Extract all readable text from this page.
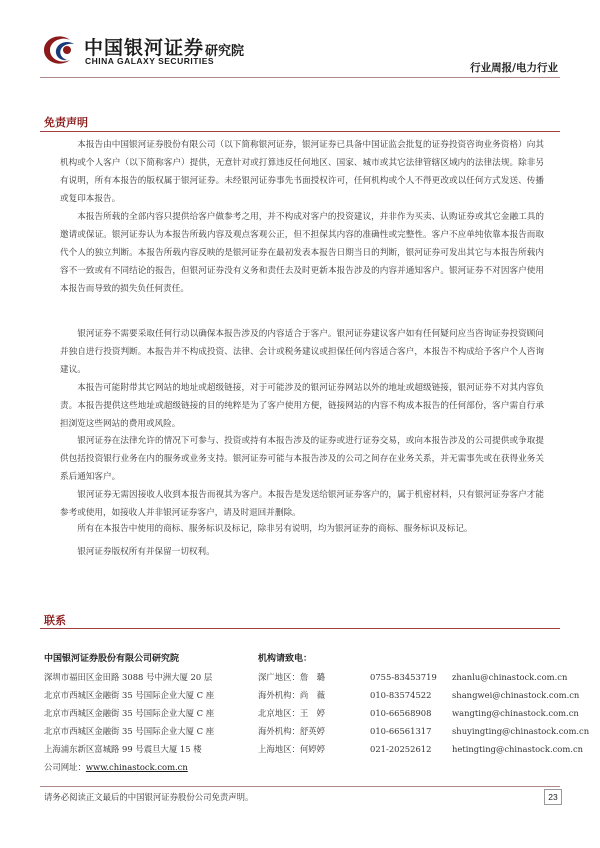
中国银河证券
CHINA GALAXY SECURITIES
研究院
行业周报/电力行业
免责声明

本报告由中国银河证券股份有限公司（以下简称银河证券，银河证券已具备中国证监会批复的证券投资咨询业务资格）向其机构或个人客户（以下简称客户）提供，无意针对或打算违反任何地区、国家、城市或其它法律管辖区域内的法律法规。除非另有说明，所有本报告的版权属于银河证券。未经银河证券事先书面授权许可，任何机构或个人不得更改或以任何方式发送、传播或复印本报告。

本报告所载的全部内容只提供给客户做参考之用，并不构成对客户的投资建议，并非作为买卖、认购证券或其它金融工具的邀请或保证。银河证券认为本报告所载内容及观点客观公正，但不担保其内容的准确性或完整性。客户不应单纯依靠本报告而取代个人的独立判断。本报告所载内容反映的是银河证券在最初发表本报告日期当日的判断，银河证券可发出其它与本报告所载内容不一致或有不同结论的报告，但银河证券没有义务和责任去及时更新本报告涉及的内容并通知客户。银河证券不对因客户使用本报告而导致的损失负任何责任。

银河证券不需要采取任何行动以确保本报告涉及的内容适合于客户。银河证券建议客户如有任何疑问应当咨询证券投资顾问并独自进行投资判断。本报告并不构成投资、法律、会计或税务建议或担保任何内容适合客户，本报告不构成给予客户个人咨询建议。

本报告可能附带其它网站的地址或超级链接，对于可能涉及的银河证券网站以外的地址或超级链接，银河证券不对其内容负责。本报告提供这些地址或超级链接的目的纯粹是为了客户使用方便，链接网站的内容不构成本报告的任何部份，客户需自行承担浏览这些网站的费用或风险。

银河证券在法律允许的情况下可参与、投资或持有本报告涉及的证券或进行证券交易，或向本报告涉及的公司提供或争取提供包括投资银行业务在内的服务或业务支持。银河证券可能与本报告涉及的公司之间存在业务关系，并无需事先或在获得业务关系后通知客户。

银河证券无需因接收人收到本报告而视其为客户。本报告是发送给银河证券客户的，属于机密材料，只有银河证券客户才能参考或使用，如接收人并非银河证券客户，请及时退回并删除。

所有在本报告中使用的商标、服务标识及标记，除非另有说明，均为银河证券的商标、服务标识及标记。

银河证券版权所有并保留一切权利。

联系
中国银河证券股份有限公司研究院
深圳市福田区金田路 3088 号中洲大厦 20 层
北京市西城区金融街 35 号国际企业大厦 C 座
北京市西城区金融街 35 号国际企业大厦 C 座
北京市西城区金融街 35 号国际企业大厦 C 座
上海浦东新区富城路 99 号震旦大厦 15 楼
公司网址：www.chinastock.com.cn
机构请致电：
深广地区：詹　璐	0755-83453719	zhanlu@chinastock.com.cn
海外机构：尚　薇	010-83574522	shangwei@chinastock.com.cn
北京地区：王　婷	010-66568908	wangting@chinastock.com.cn
海外机构：舒英婷	010-66561317	shuyingting@chinastock.com.cn
上海地区：何婷婷	021-20252612	hetingting@chinastock.com.cn
请务必阅读正文最后的中国银河证券股份公司免责声明。	23
